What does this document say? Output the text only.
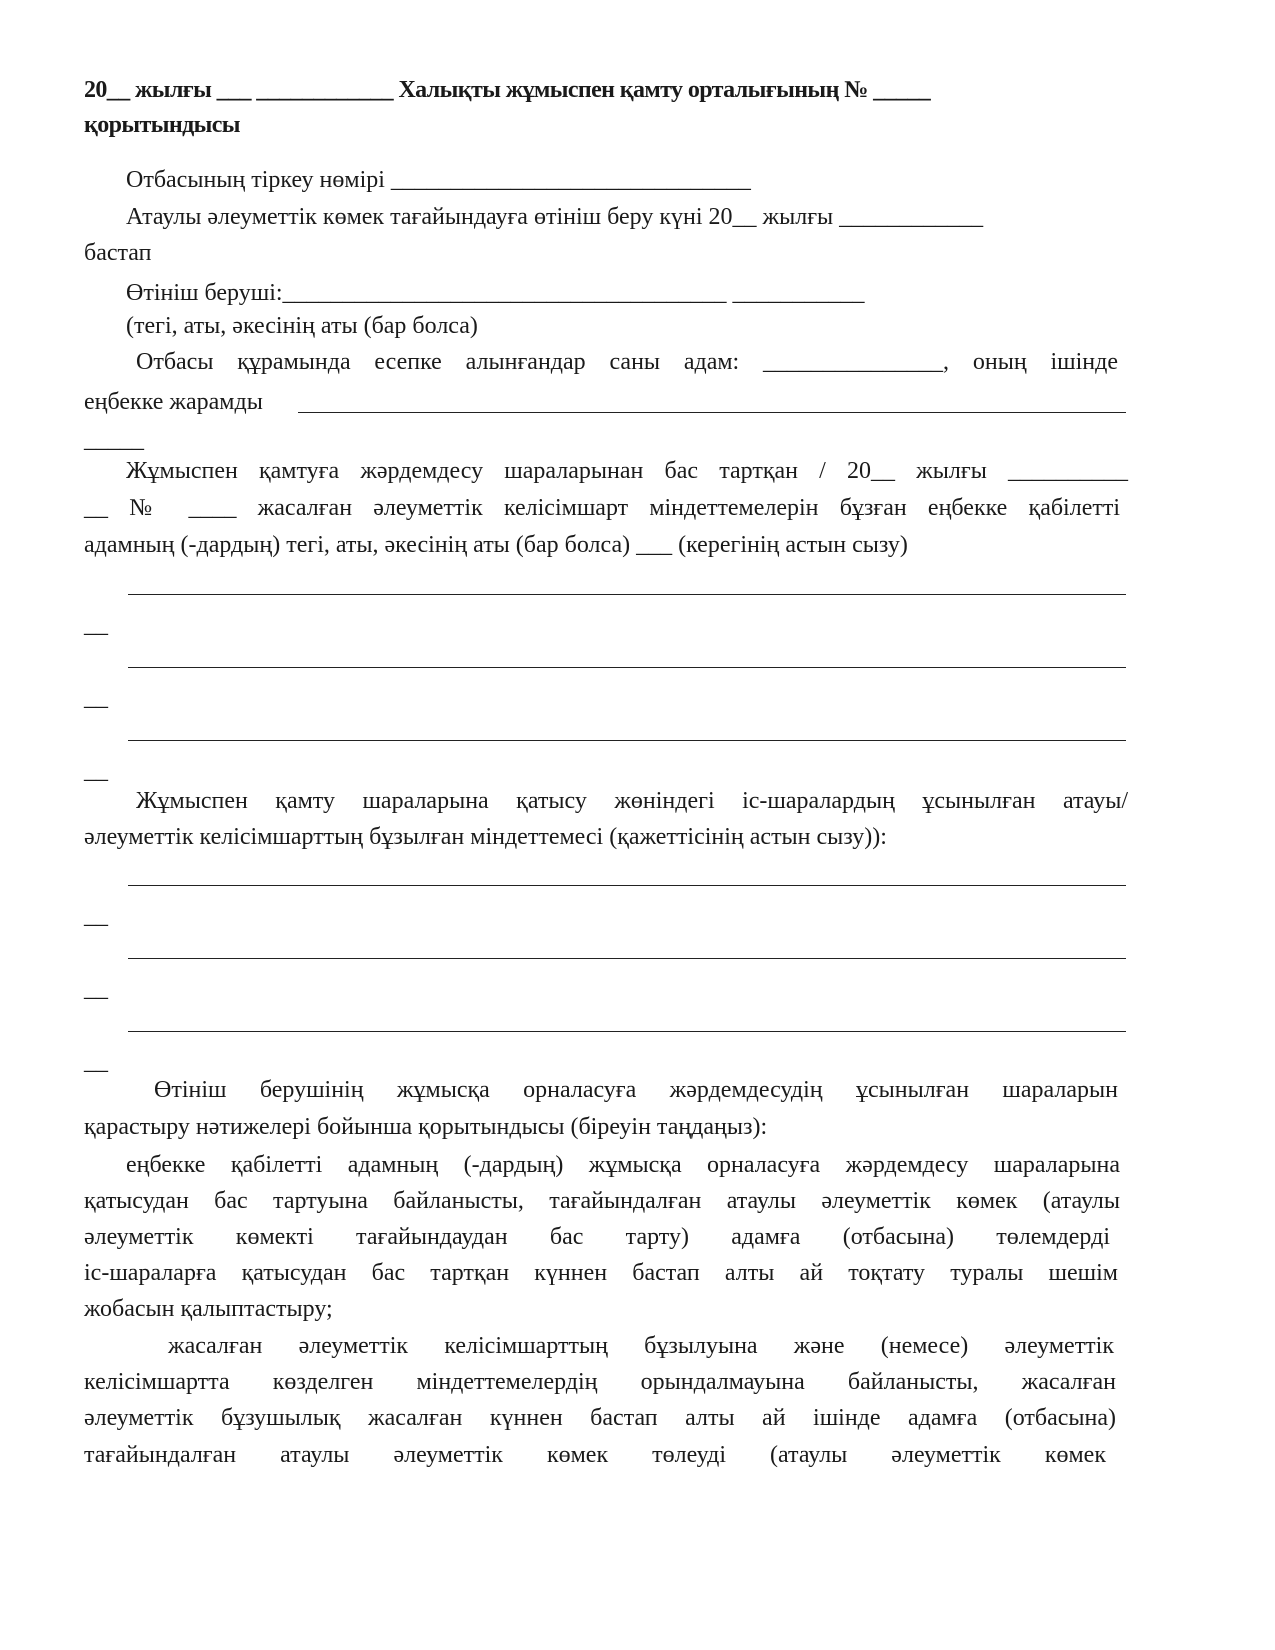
20__ жылғы ___ ____________ Халықты жұмыспен қамту орталығының № _____
қорытындысы
Отбасының тіркеу нөмірі ______________________________
Атаулы әлеуметтік көмек тағайындауға өтініш беру күні 20__ жылғы ____________
бастап
Өтініш беруші:_____________________________________ ___________
(тегі, аты, әкесінің аты (бар болса)
Отбасы құрамында есепке алынғандар саны адам: _______________, оның ішінде
еңбекке жарамды
_____
Жұмыспен қамтуға жәрдемдесу шараларынан бас тартқан / 20__ жылғы __________
__ № ____ жасалған әлеуметтік келісімшарт міндеттемелерін бұзған еңбекке қабілетті
адамның (-дардың) тегі, аты, әкесінің аты (бар болса) ___ (керегінің астын сызу)
__
__
__
Жұмыспен қамту шараларына қатысу жөніндегі іс-шаралардың ұсынылған атауы/
әлеуметтік келісімшарттың бұзылған міндеттемесі (қажеттісінің астын сызу)):
__
__
__
Өтініш берушінің жұмысқа орналасуға жәрдемдесудің ұсынылған шараларын
қарастыру нәтижелері бойынша қорытындысы (біреуін таңдаңыз):
еңбекке қабілетті адамның (-дардың) жұмысқа орналасуға жәрдемдесу шараларына
қатысудан бас тартуына байланысты, тағайындалған атаулы әлеуметтік көмек (атаулы
әлеуметтік көмекті тағайындаудан бас тарту) адамға (отбасына) төлемдерді
іс-шараларға қатысудан бас тартқан күннен бастап алты ай тоқтату туралы шешім
жобасын қалыптастыру;
жасалған әлеуметтік келісімшарттың бұзылуына және (немесе) әлеуметтік
келісімшартта көзделген міндеттемелердің орындалмауына байланысты, жасалған
әлеуметтік бұзушылық жасалған күннен бастап алты ай ішінде адамға (отбасына)
тағайындалған атаулы әлеуметтік көмек төлеуді (атаулы әлеуметтік көмек
